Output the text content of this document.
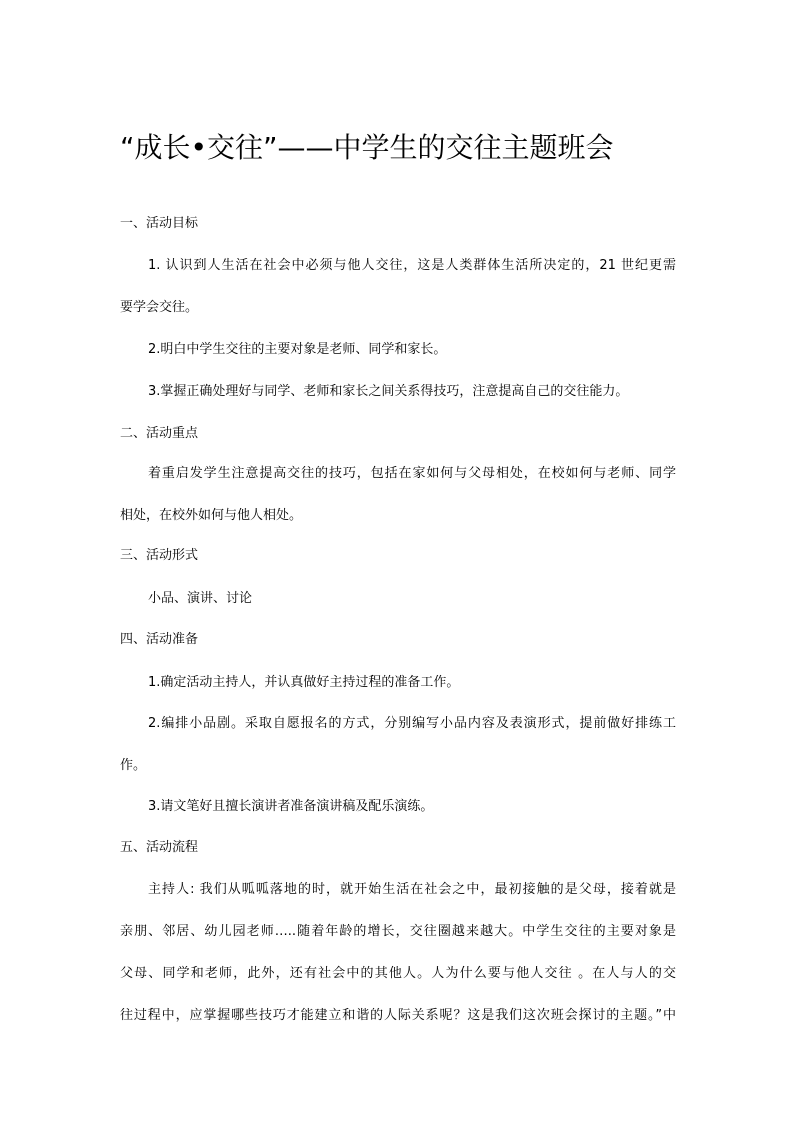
“成长•交往”——中学生的交往主题班会
一、活动目标
1. 认识到人生活在社会中必须与他人交往，这是人类群体生活所决定的，21 世纪更需
要学会交往。
2.明白中学生交往的主要对象是老师、同学和家长。
3.掌握正确处理好与同学、老师和家长之间关系得技巧，注意提高自己的交往能力。
二、活动重点
着重启发学生注意提高交往的技巧，包括在家如何与父母相处，在校如何与老师、同学
相处，在校外如何与他人相处。
三、活动形式
小品、演讲、讨论
四、活动准备
1.确定活动主持人，并认真做好主持过程的准备工作。
2.编排小品剧。采取自愿报名的方式，分别编写小品内容及表演形式，提前做好排练工
作。
3.请文笔好且擅长演讲者准备演讲稿及配乐演练。
五、活动流程
主持人: 我们从呱呱落地的时，就开始生活在社会之中，最初接触的是父母，接着就是
亲朋、邻居、幼儿园老师…..随着年龄的增长，交往圈越来越大。中学生交往的主要对象是
父母、同学和老师，此外，还有社会中的其他人。人为什么要与他人交往 。在人与人的交
往过程中，应掌握哪些技巧才能建立和谐的人际关系呢？这是我们这次班会探讨的主题。”中
